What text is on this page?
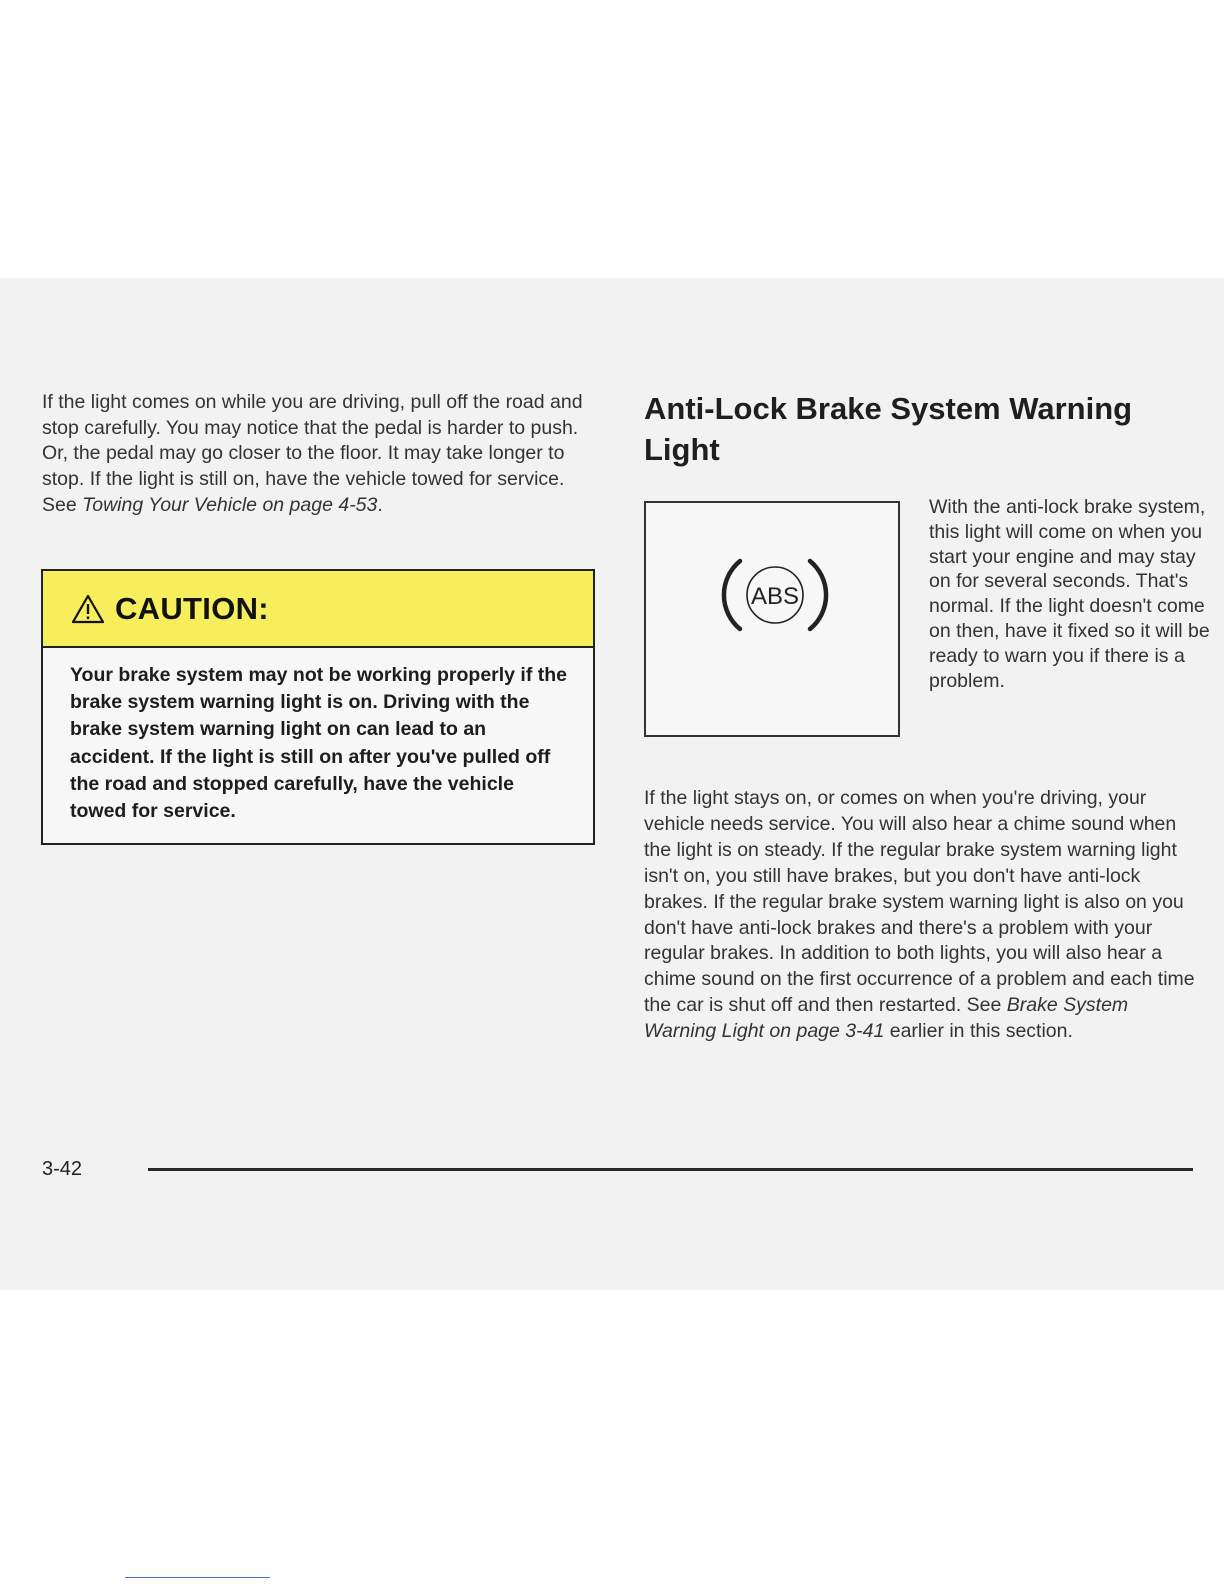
If the light comes on while you are driving, pull off the road and stop carefully. You may notice that the pedal is harder to push. Or, the pedal may go closer to the floor. It may take longer to stop. If the light is still on, have the vehicle towed for service. See Towing Your Vehicle on page 4-53.

CAUTION:

Your brake system may not be working properly if the brake system warning light is on. Driving with the brake system warning light on can lead to an accident. If the light is still on after you've pulled off the road and stopped carefully, have the vehicle towed for service.

Anti-Lock Brake System Warning Light
ABS

With the anti-lock brake system, this light will come on when you start your engine and may stay on for several seconds. That's normal. If the light doesn't come on then, have it fixed so it will be ready to warn you if there is a problem.

If the light stays on, or comes on when you're driving, your vehicle needs service. You will also hear a chime sound when the light is on steady. If the regular brake system warning light isn't on, you still have brakes, but you don't have anti-lock brakes. If the regular brake system warning light is also on you don't have anti-lock brakes and there's a problem with your regular brakes. In addition to both lights, you will also hear a chime sound on the first occurrence of a problem and each time the car is shut off and then restarted. See Brake System Warning Light on page 3-41 earlier in this section.

3-42
